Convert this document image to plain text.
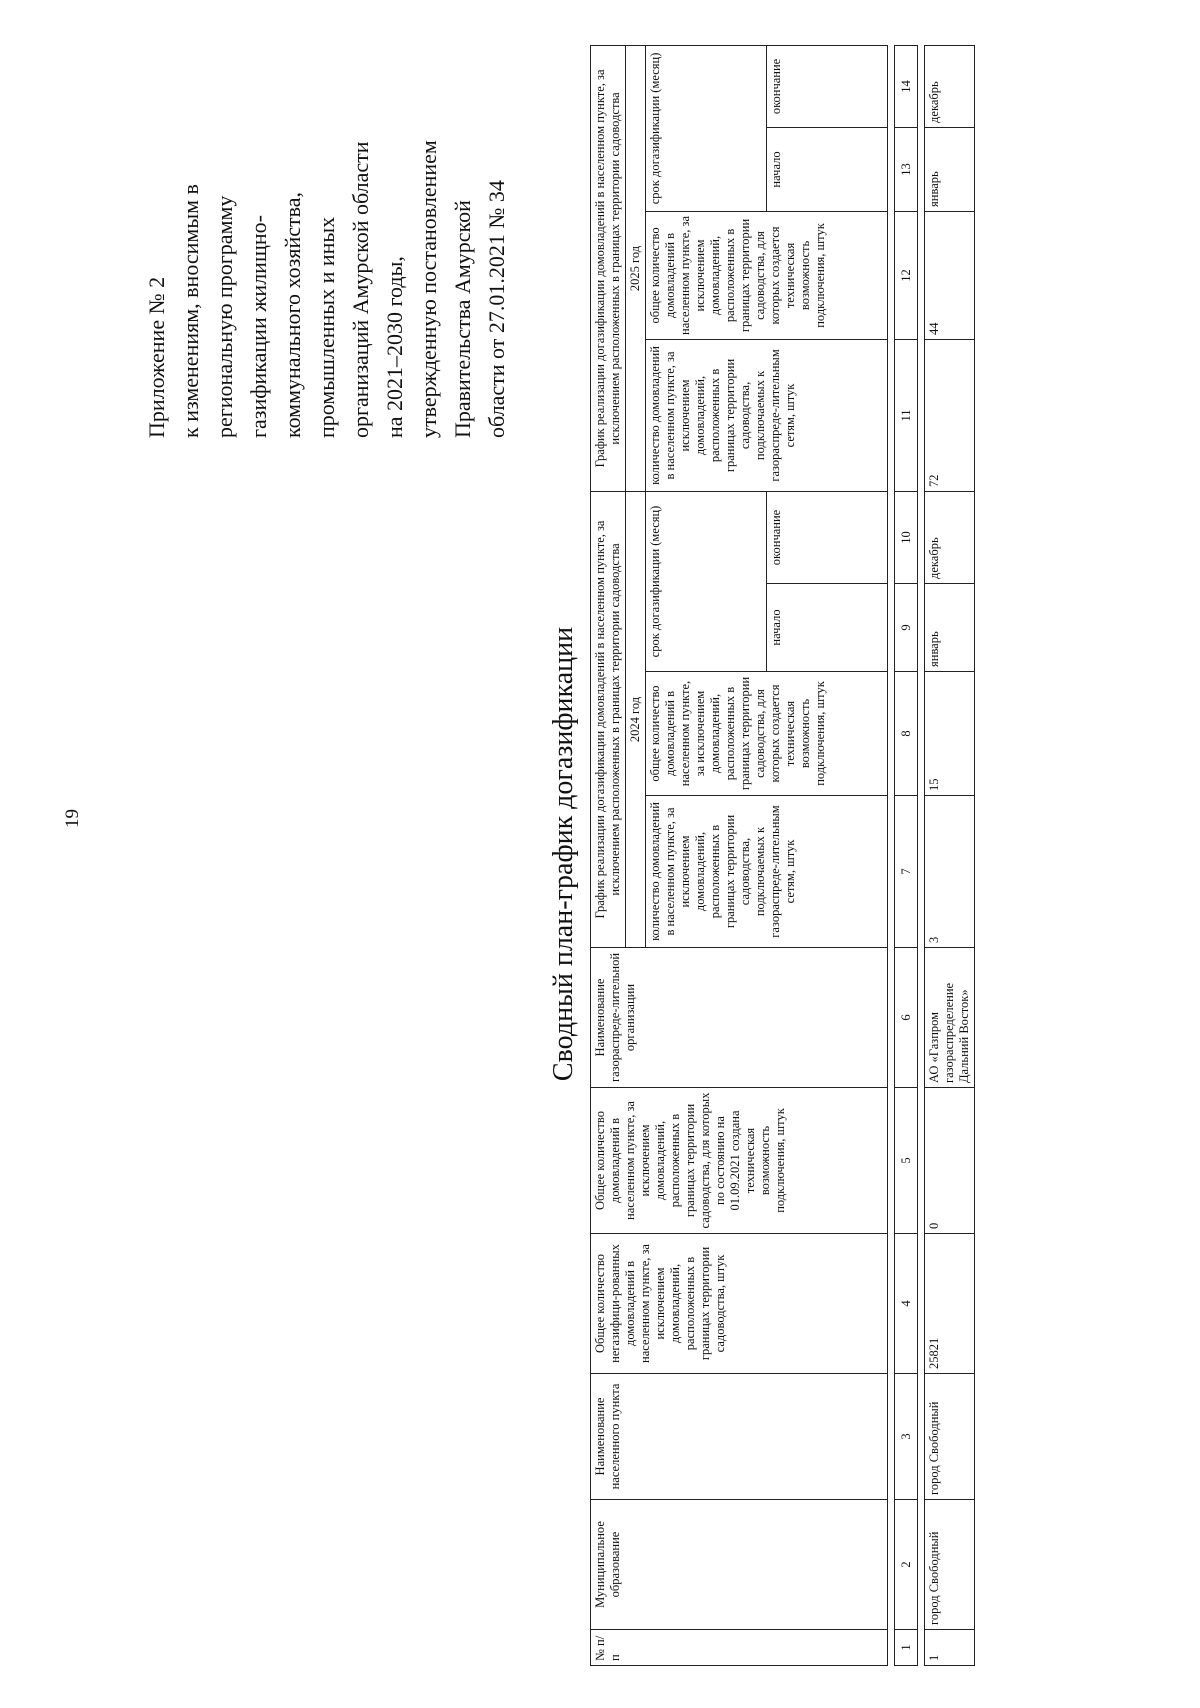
19
Приложение № 2 к изменениям, вносимым в региональную программу газификации жилищно- коммунального хозяйства, промышленных и иных организаций Амурской области на 2021–2030 годы, утвержденную постановлением Правительства Амурской области от 27.01.2021 № 34
Сводный план-график догазификации
№ п/п	Муниципальное образование	Наименование населенного пункта	Общее количество негазифици-рованных домовладений в населенном пункте, за исключением домовладений, расположенных в границах территории садоводства, штук	Общее количество домовладений в населенном пункте, за исключением домовладений, расположенных в границах территории садоводства, для которых по состоянию на 01.09.2021 создана техническая возможность подключения, штук	Наименование газораспреде-лительной организации	График реализации догазификации домовладений в населенном пункте, за исключением расположенных в границах территории садоводства				График реализации догазификации домовладений в населенном пункте, за исключением расположенных в границах территории садоводства			
						2024 год				2025 год			
						количество домовладений в населенном пункте, за исключением домовладений, расположенных в границах территории садоводства, подключаемых к газораспреде-лительным сетям, штук	общее количество домовладений в населенном пункте, за исключением домовладений, расположенных в границах территории садоводства, для которых создается техническая возможность подключения, штук	срок догазификации (месяц)		количество домовладений в населенном пункте, за исключением домовладений, расположенных в границах территории садоводства, подключаемых к газораспреде-лительным сетям, штук	общее количество домовладений в населенном пункте, за исключением домовладений, расположенных в границах территории садоводства, для которых создается техническая возможность подключения, штук	срок догазификации (месяц)	
								начало	окончание			начало	окончание

1	2	3	4	5	6	7	8	9	10	11	12	13	14

1	город Свободный	город Свободный	25821	0	АО «Газпром газораспределение Дальний Восток»	3	15	январь	декабрь	72	44	январь	декабрь
